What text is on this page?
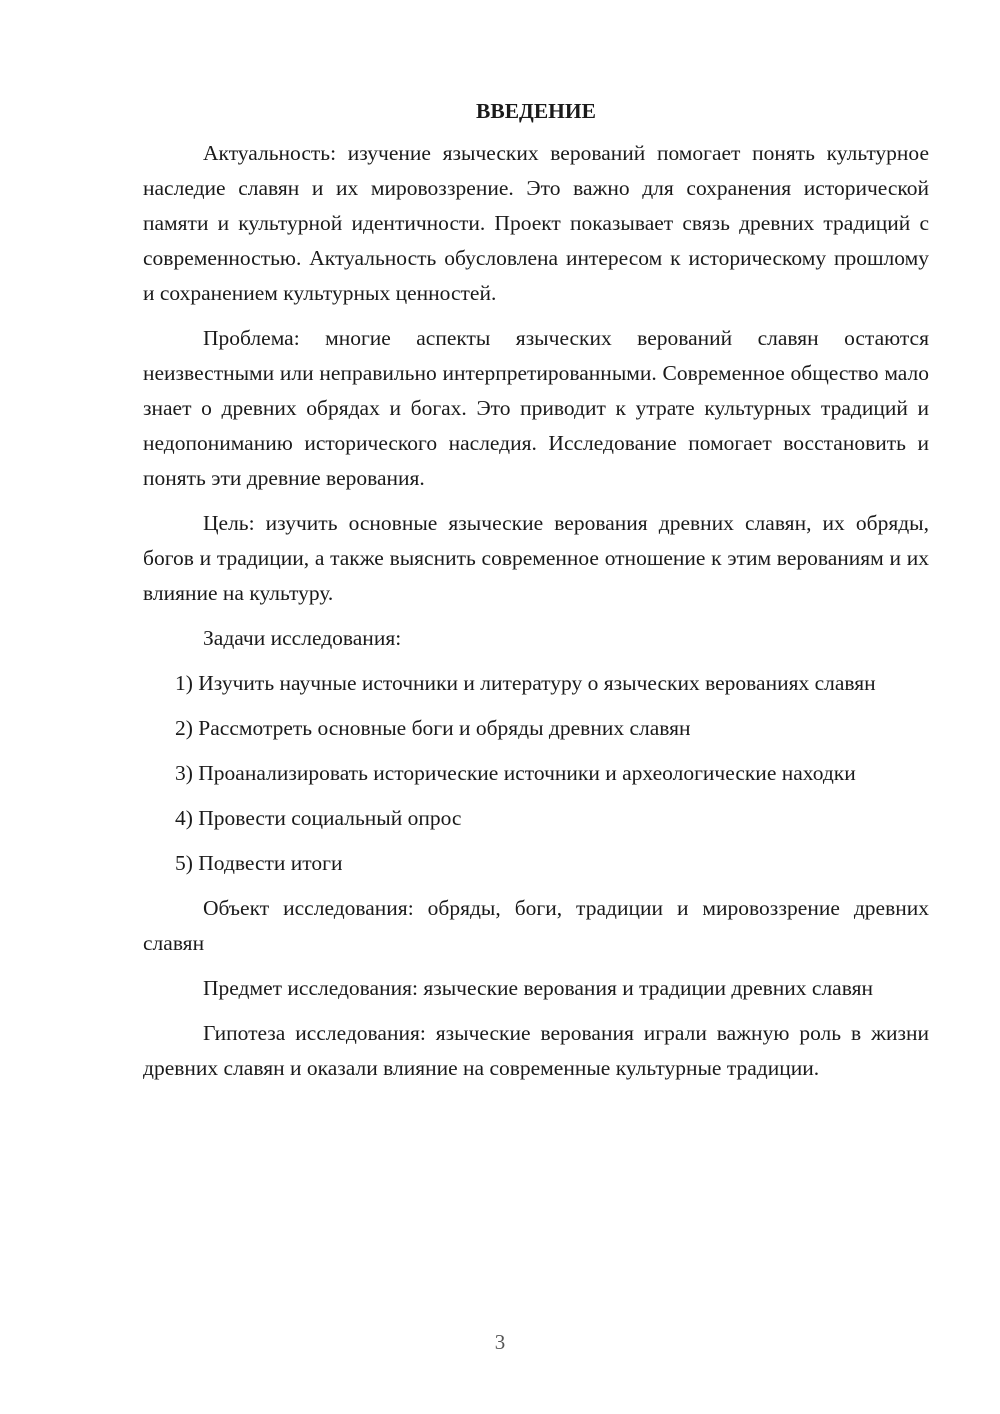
ВВЕДЕНИЕ

Актуальность: изучение языческих верований помогает понять культурное наследие славян и их мировоззрение. Это важно для сохранения исторической памяти и культурной идентичности. Проект показывает связь древних традиций с современностью. Актуальность обусловлена интересом к историческому прошлому и сохранением культурных ценностей.

Проблема: многие аспекты языческих верований славян остаются неизвестными или неправильно интерпретированными. Современное общество мало знает о древних обрядах и богах. Это приводит к утрате культурных традиций и недопониманию исторического наследия. Исследование помогает восстановить и понять эти древние верования.

Цель: изучить основные языческие верования древних славян, их обряды, богов и традиции, а также выяснить современное отношение к этим верованиям и их влияние на культуру.

Задачи исследования:

1) Изучить научные источники и литературу о языческих верованиях славян

2) Рассмотреть основные боги и обряды древних славян

3) Проанализировать исторические источники и археологические находки

4) Провести социальный опрос

5) Подвести итоги

Объект исследования: обряды, боги, традиции и мировоззрение древних славян

Предмет исследования: языческие верования и традиции древних славян

Гипотеза исследования: языческие верования играли важную роль в жизни древних славян и оказали влияние на современные культурные традиции.

3
